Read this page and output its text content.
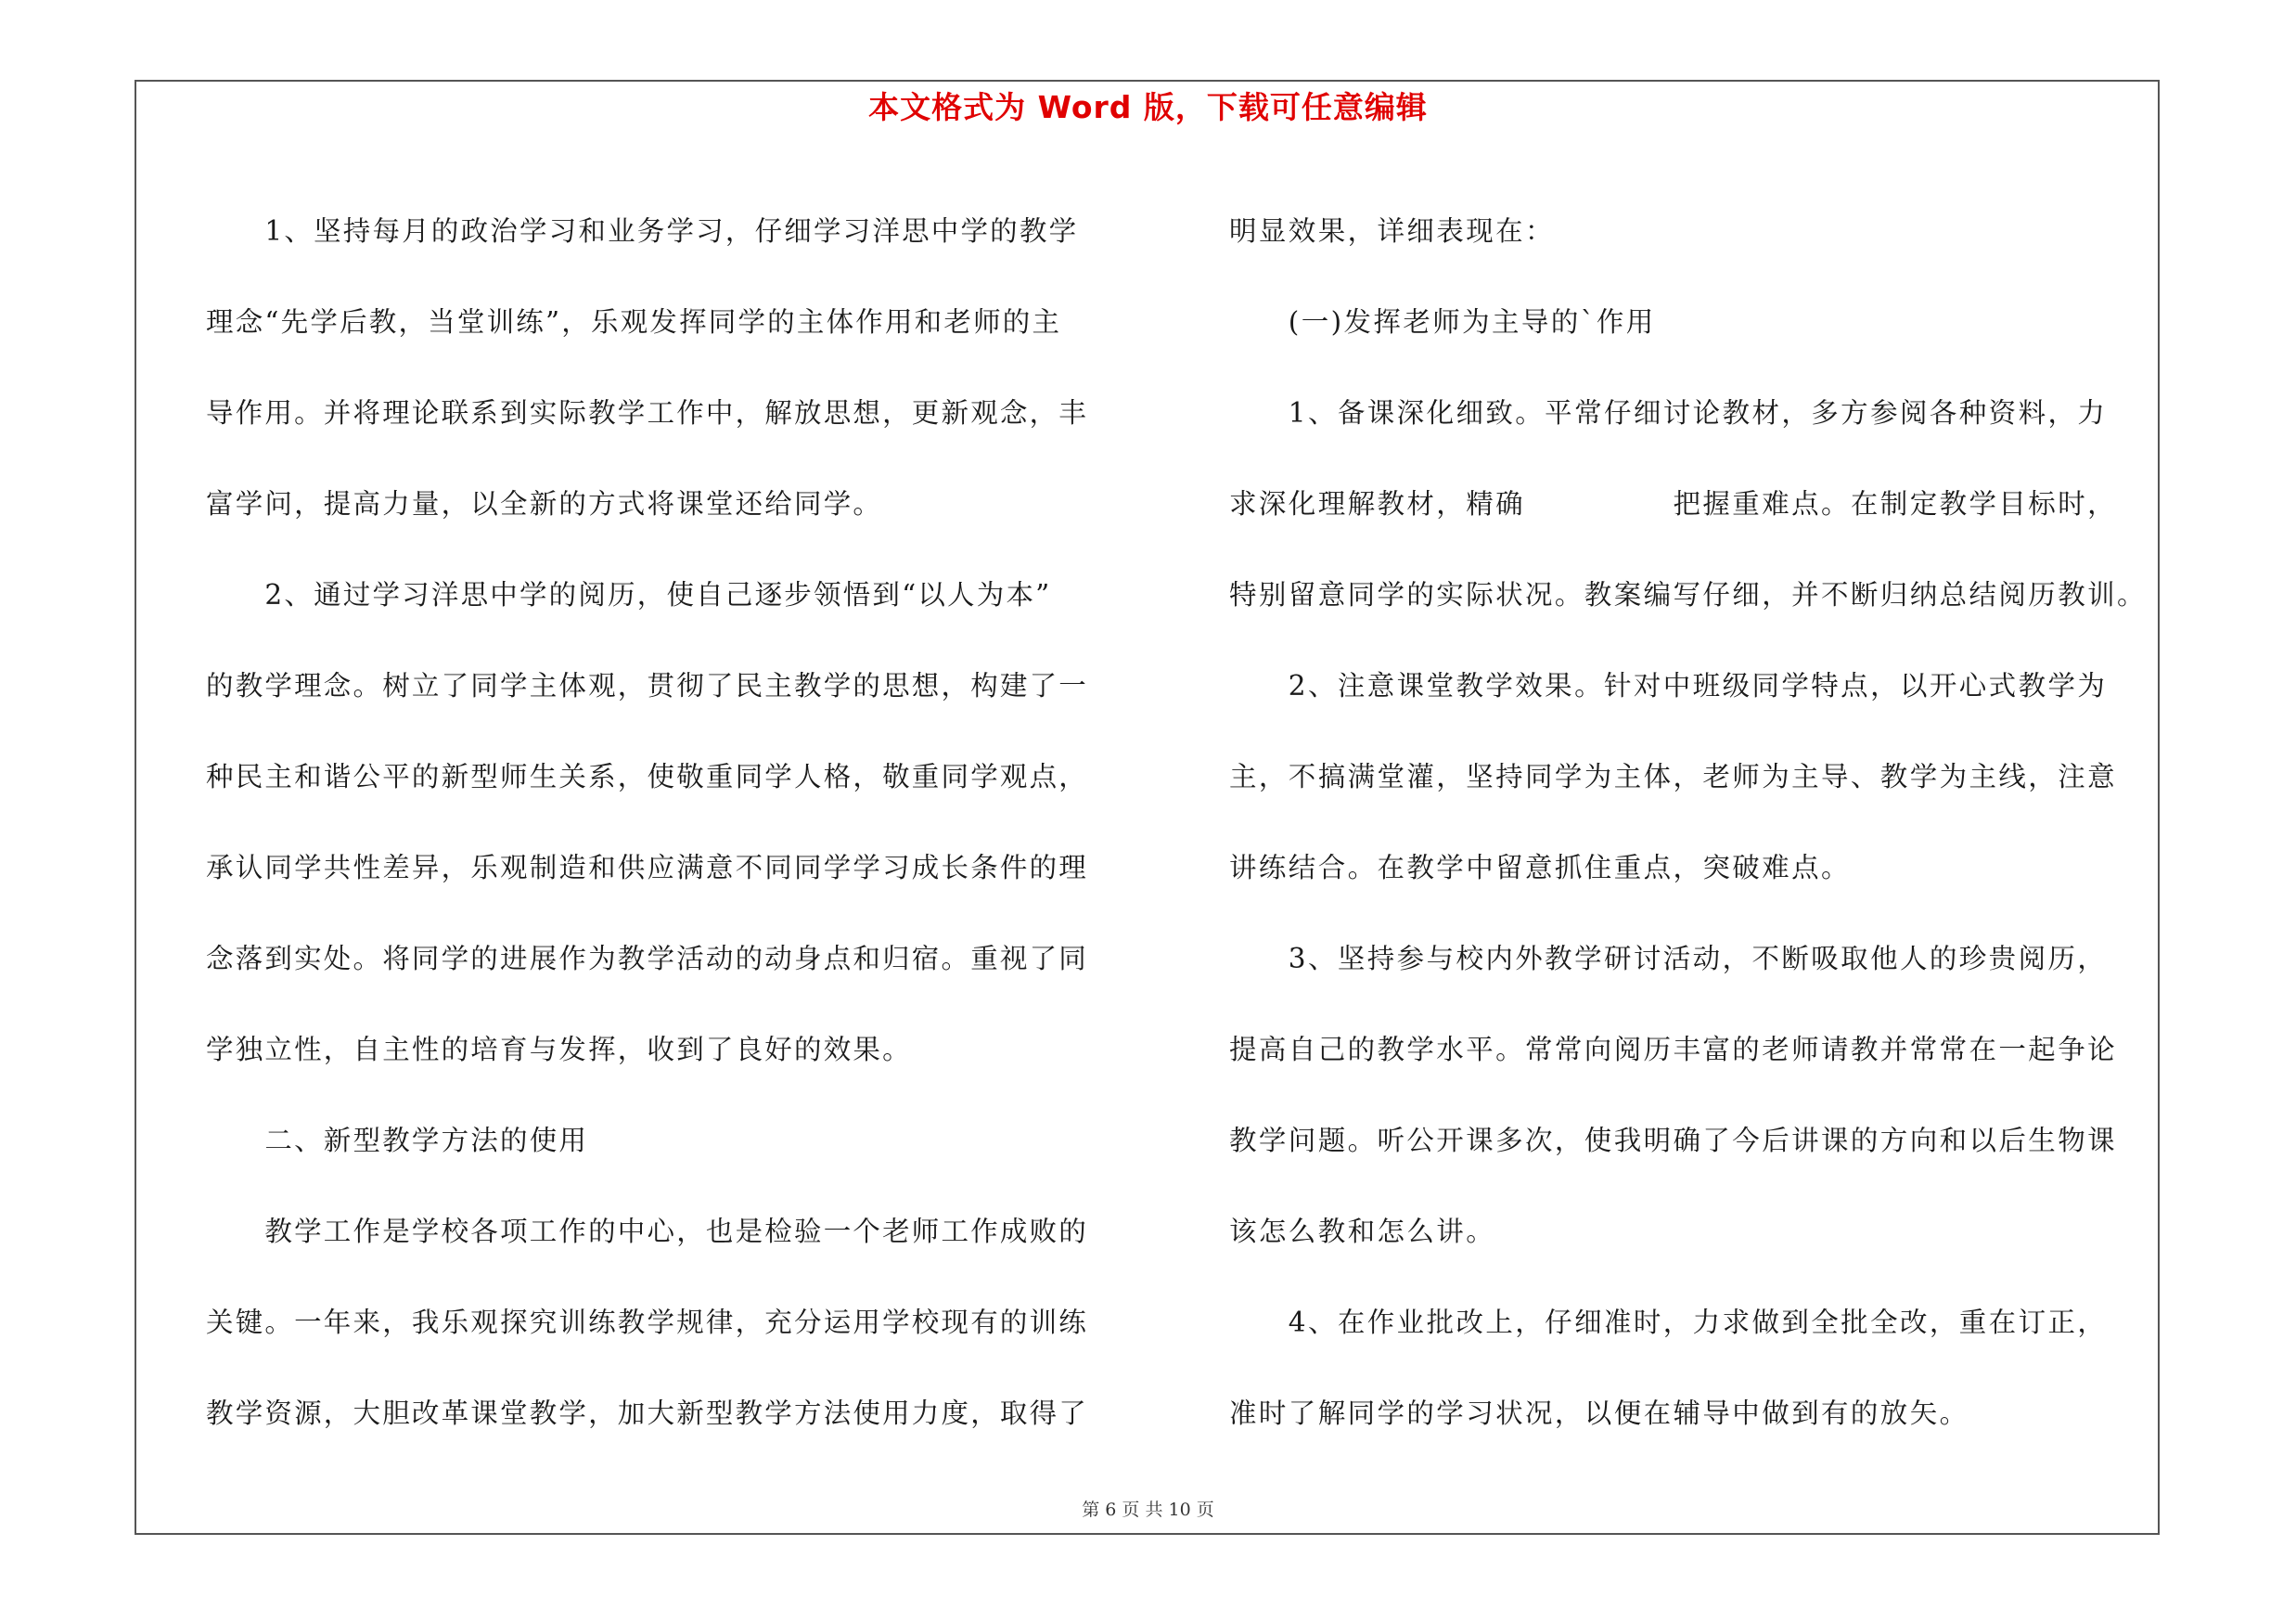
本文格式为 Word 版，下载可任意编辑

　　1、坚持每月的政治学习和业务学习，仔细学习洋思中学的教学

理念“先学后教，当堂训练”，乐观发挥同学的主体作用和老师的主

导作用。并将理论联系到实际教学工作中，解放思想，更新观念，丰

富学问，提高力量，以全新的方式将课堂还给同学。

　　2、通过学习洋思中学的阅历，使自己逐步领悟到“以人为本”

的教学理念。树立了同学主体观，贯彻了民主教学的思想，构建了一

种民主和谐公平的新型师生关系，使敬重同学人格，敬重同学观点，

承认同学共性差异，乐观制造和供应满意不同同学学习成长条件的理

念落到实处。将同学的进展作为教学活动的动身点和归宿。重视了同

学独立性，自主性的培育与发挥，收到了良好的效果。

　　二、新型教学方法的使用

　　教学工作是学校各项工作的中心，也是检验一个老师工作成败的

关键。一年来，我乐观探究训练教学规律，充分运用学校现有的训练

教学资源，大胆改革课堂教学，加大新型教学方法使用力度，取得了

明显效果，详细表现在：

　　(一)发挥老师为主导的`作用

　　1、备课深化细致。平常仔细讨论教材，多方参阅各种资料，力

求深化理解教材，精确　　　　　把握重难点。在制定教学目标时，

特别留意同学的实际状况。教案编写仔细，并不断归纳总结阅历教训。

　　2、注意课堂教学效果。针对中班级同学特点，以开心式教学为

主，不搞满堂灌，坚持同学为主体，老师为主导、教学为主线，注意

讲练结合。在教学中留意抓住重点，突破难点。

　　3、坚持参与校内外教学研讨活动，不断吸取他人的珍贵阅历，

提高自己的教学水平。常常向阅历丰富的老师请教并常常在一起争论

教学问题。听公开课多次，使我明确了今后讲课的方向和以后生物课

该怎么教和怎么讲。

　　4、在作业批改上，仔细准时，力求做到全批全改，重在订正，

准时了解同学的学习状况，以便在辅导中做到有的放矢。

第 6 页 共 10 页
